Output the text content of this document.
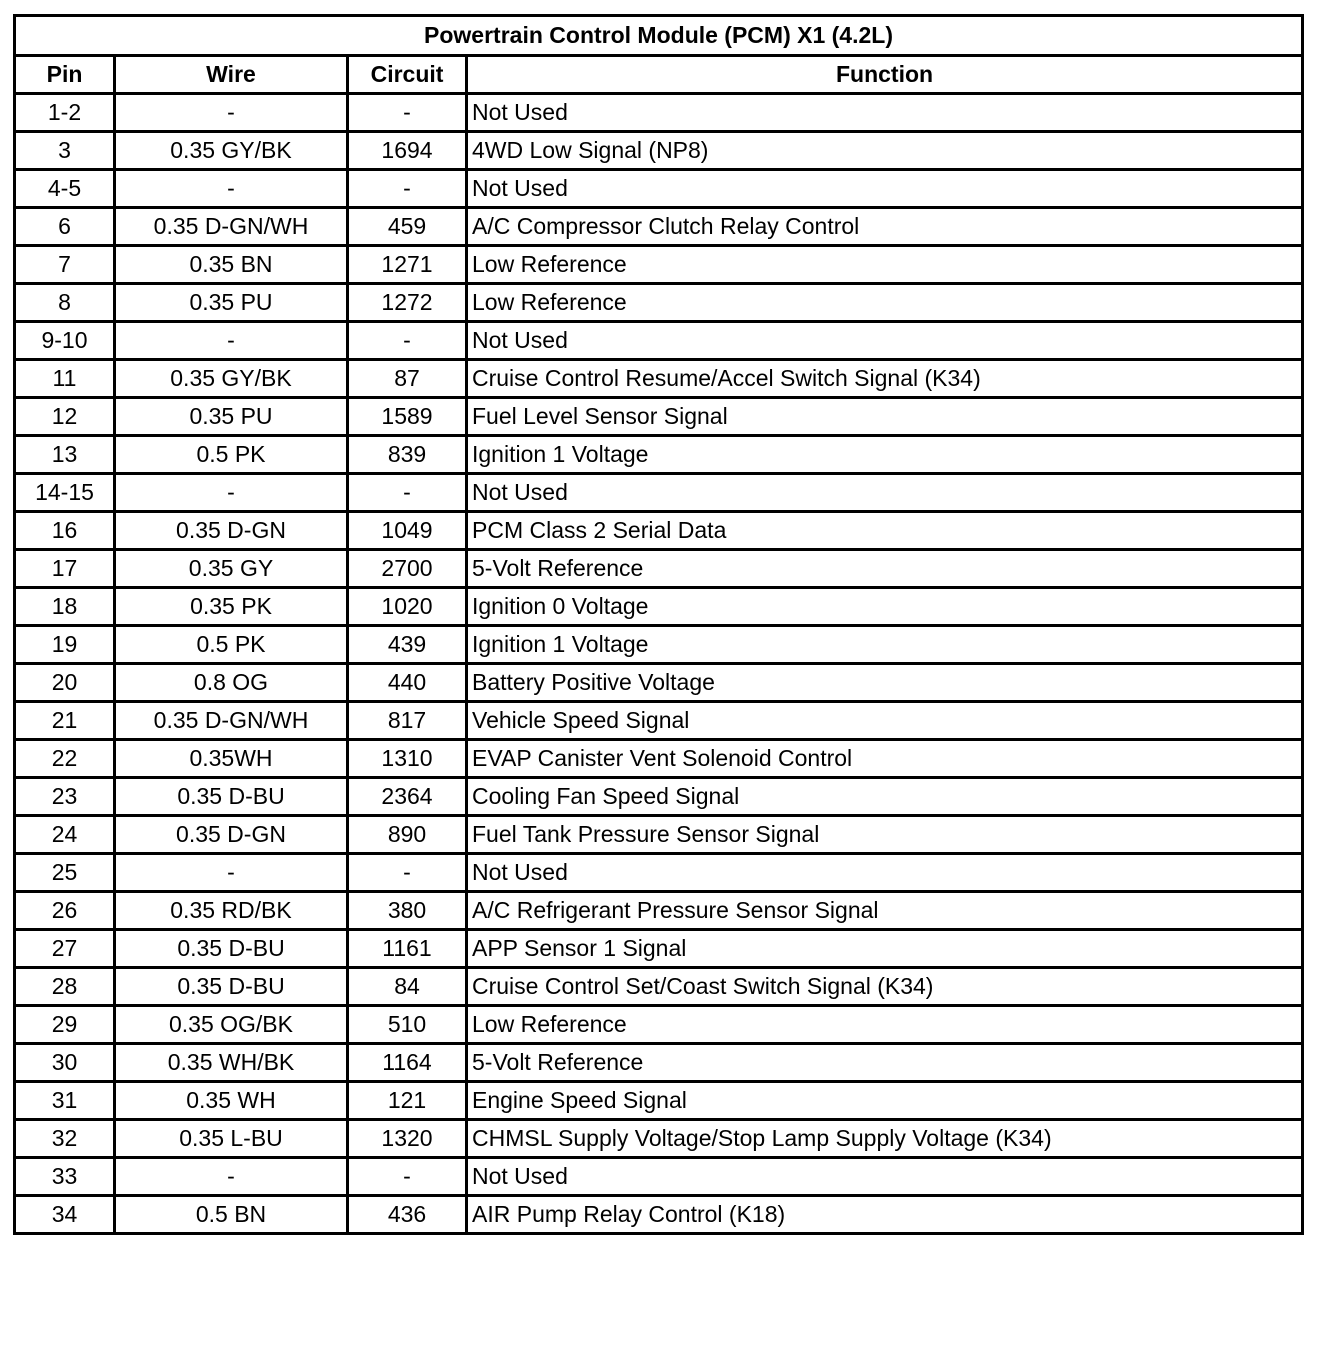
Powertrain Control Module (PCM) X1 (4.2L)			
Pin	Wire	Circuit	Function
1-2	-	-	Not Used
3	0.35 GY/BK	1694	4WD Low Signal (NP8)
4-5	-	-	Not Used
6	0.35 D-GN/WH	459	A/C Compressor Clutch Relay Control
7	0.35 BN	1271	Low Reference
8	0.35 PU	1272	Low Reference
9-10	-	-	Not Used
11	0.35 GY/BK	87	Cruise Control Resume/Accel Switch Signal (K34)
12	0.35 PU	1589	Fuel Level Sensor Signal
13	0.5 PK	839	Ignition 1 Voltage
14-15	-	-	Not Used
16	0.35 D-GN	1049	PCM Class 2 Serial Data
17	0.35 GY	2700	5-Volt Reference
18	0.35 PK	1020	Ignition 0 Voltage
19	0.5 PK	439	Ignition 1 Voltage
20	0.8 OG	440	Battery Positive Voltage
21	0.35 D-GN/WH	817	Vehicle Speed Signal
22	0.35WH	1310	EVAP Canister Vent Solenoid Control
23	0.35 D-BU	2364	Cooling Fan Speed Signal
24	0.35 D-GN	890	Fuel Tank Pressure Sensor Signal
25	-	-	Not Used
26	0.35 RD/BK	380	A/C Refrigerant Pressure Sensor Signal
27	0.35 D-BU	1161	APP Sensor 1 Signal
28	0.35 D-BU	84	Cruise Control Set/Coast Switch Signal (K34)
29	0.35 OG/BK	510	Low Reference
30	0.35 WH/BK	1164	5-Volt Reference
31	0.35 WH	121	Engine Speed Signal
32	0.35 L-BU	1320	CHMSL Supply Voltage/Stop Lamp Supply Voltage (K34)
33	-	-	Not Used
34	0.5 BN	436	AIR Pump Relay Control (K18)
